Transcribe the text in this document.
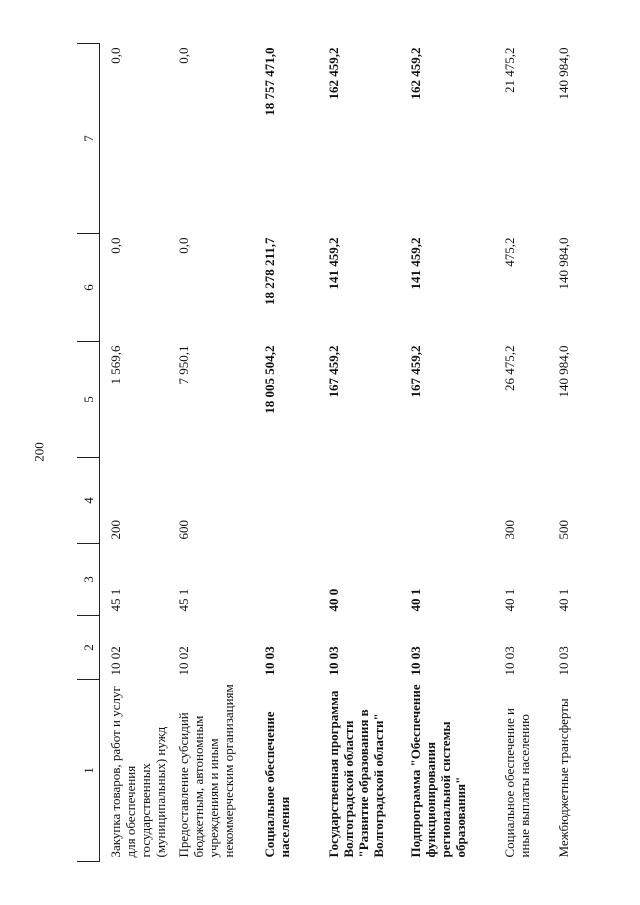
200
1	2	3	4	5	6	7
Закупка товаров, работ и услуг для обеспечения государственных (муниципальных) нужд	10 02	45 1	200	1 569,6	0,0	0,0
Предоставление субсидий бюджетным, автономным учреждениям и иным некоммерческим организациям	10 02	45 1	600	7 950,1	0,0	0,0
Социальное обеспечение населения	10 03			18 005 504,2	18 278 211,7	18 757 471,0
Государственная программа Волгоградской области "Развитие образования в Волгоградской области"	10 03	40 0		167 459,2	141 459,2	162 459,2
Подпрограмма "Обеспечение функционирования региональной системы образования"	10 03	40 1		167 459,2	141 459,2	162 459,2
Социальное обеспечение и иные выплаты населению	10 03	40 1	300	26 475,2	475,2	21 475,2
Межбюджетные трансферты	10 03	40 1	500	140 984,0	140 984,0	140 984,0
